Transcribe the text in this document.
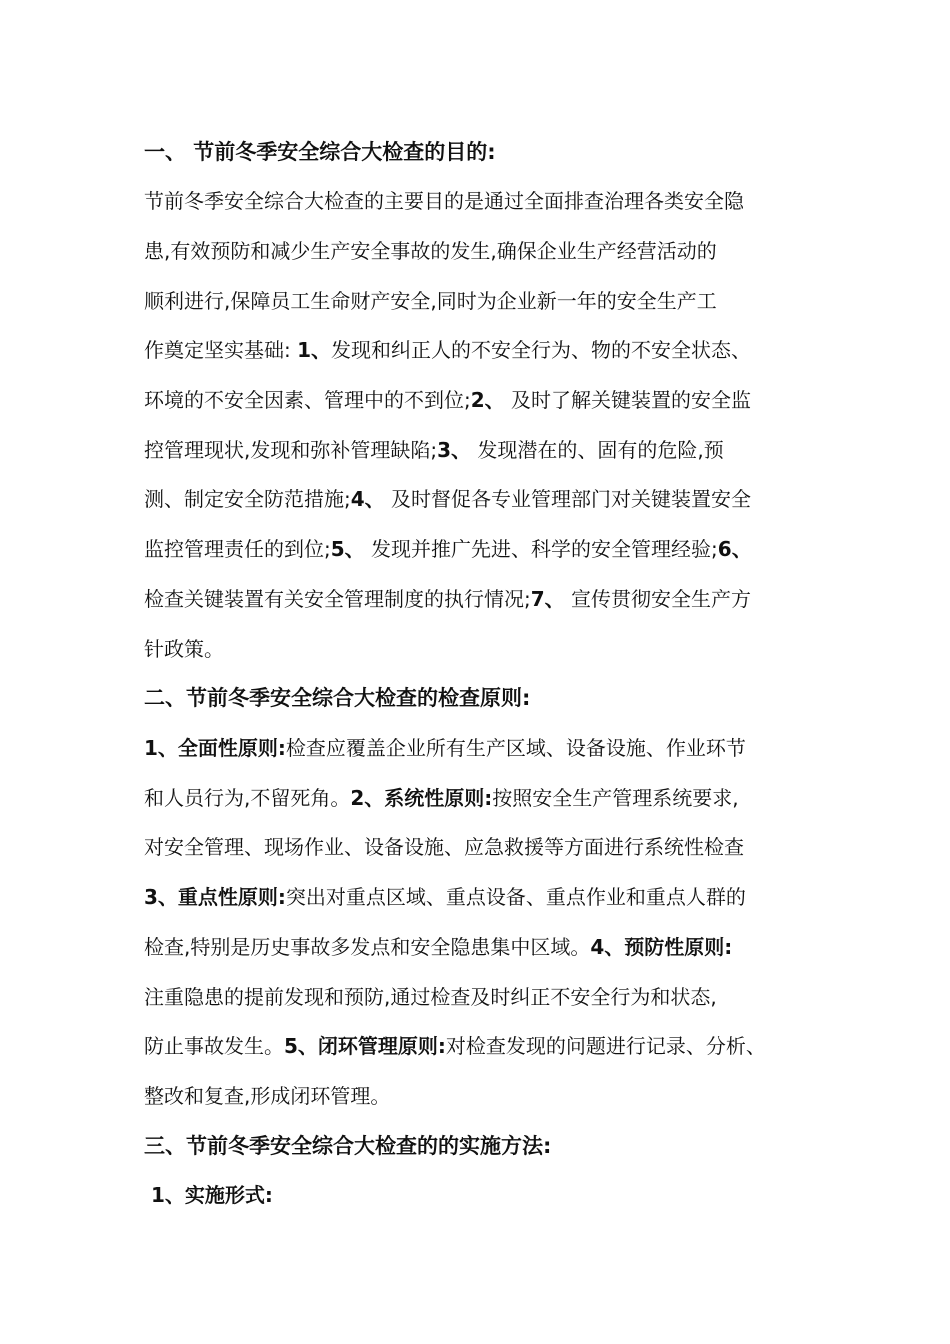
一、 节前冬季安全综合大检查的目的:
节前冬季安全综合大检查的主要目的是通过全面排查治理各类安全隐
患,有效预防和减少生产安全事故的发生,确保企业生产经营活动的
顺利进行,保障员工生命财产安全,同时为企业新一年的安全生产工
作奠定坚实基础: 1、发现和纠正人的不安全行为、物的不安全状态、
环境的不安全因素、管理中的不到位;2、 及时了解关键装置的安全监
控管理现状,发现和弥补管理缺陷;3、 发现潜在的、固有的危险,预
测、制定安全防范措施;4、 及时督促各专业管理部门对关键装置安全
监控管理责任的到位;5、 发现并推广先进、科学的安全管理经验;6、
检查关键装置有关安全管理制度的执行情况;7、 宣传贯彻安全生产方
针政策。
二、节前冬季安全综合大检查的检查原则:
1、全面性原则:检查应覆盖企业所有生产区域、设备设施、作业环节
和人员行为,不留死角。2、系统性原则:按照安全生产管理系统要求,
对安全管理、现场作业、设备设施、应急救援等方面进行系统性检查
3、重点性原则:突出对重点区域、重点设备、重点作业和重点人群的
检查,特别是历史事故多发点和安全隐患集中区域。4、预防性原则:
注重隐患的提前发现和预防,通过检查及时纠正不安全行为和状态,
防止事故发生。5、闭环管理原则:对检查发现的问题进行记录、分析、
整改和复查,形成闭环管理。
三、节前冬季安全综合大检查的的实施方法:
1、实施形式:
